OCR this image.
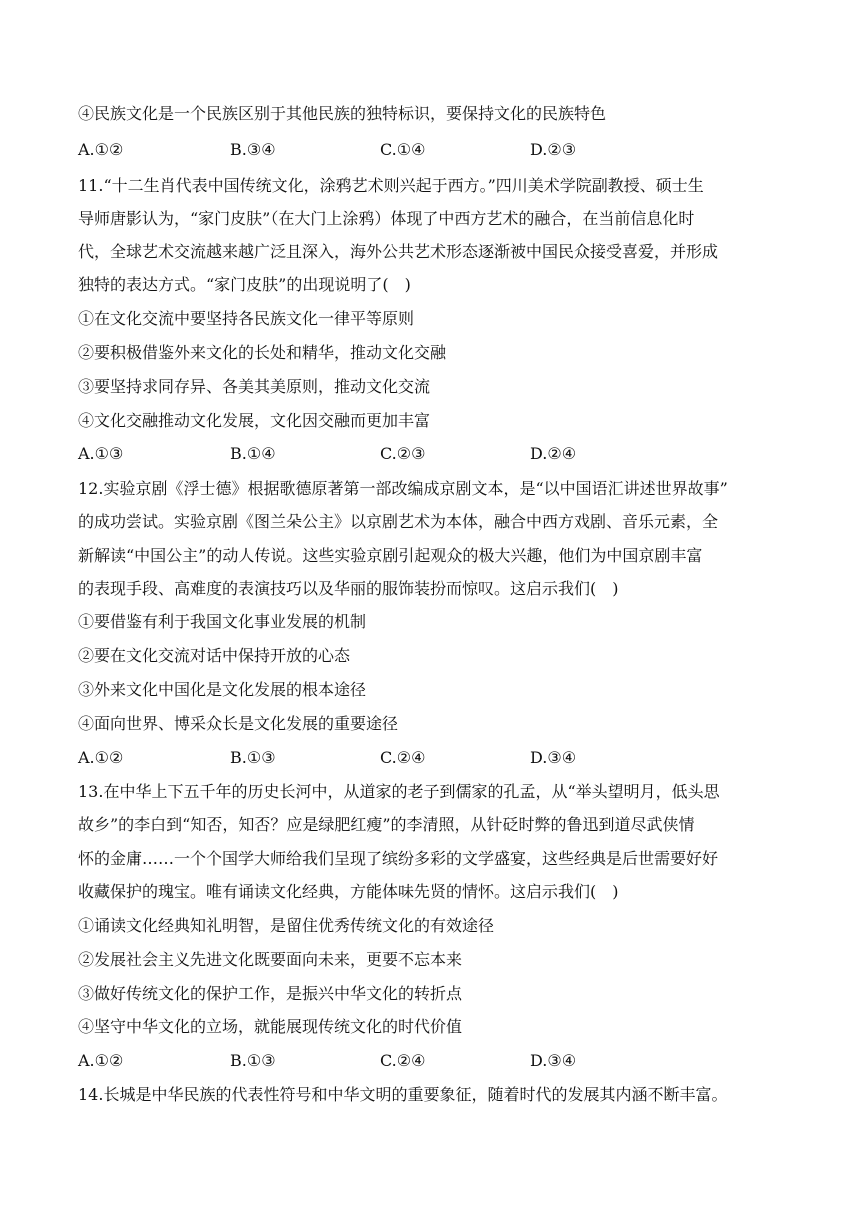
④民族文化是一个民族区别于其他民族的独特标识，要保持文化的民族特色
A.①②	B.③④	C.①④	D.②③
11.“十二生肖代表中国传统文化，涂鸦艺术则兴起于西方。”四川美术学院副教授、硕士生
导师唐影认为，“家门皮肤”（在大门上涂鸦）体现了中西方艺术的融合，在当前信息化时
代，全球艺术交流越来越广泛且深入，海外公共艺术形态逐渐被中国民众接受喜爱，并形成
独特的表达方式。“家门皮肤”的出现说明了(　)
①在文化交流中要坚持各民族文化一律平等原则
②要积极借鉴外来文化的长处和精华，推动文化交融
③要坚持求同存异、各美其美原则，推动文化交流
④文化交融推动文化发展，文化因交融而更加丰富
A.①③	B.①④	C.②③	D.②④
12.实验京剧《浮士德》根据歌德原著第一部改编成京剧文本，是“以中国语汇讲述世界故事”
的成功尝试。实验京剧《图兰朵公主》以京剧艺术为本体，融合中西方戏剧、音乐元素，全
新解读“中国公主”的动人传说。这些实验京剧引起观众的极大兴趣，他们为中国京剧丰富
的表现手段、高难度的表演技巧以及华丽的服饰装扮而惊叹。这启示我们(　)
①要借鉴有利于我国文化事业发展的机制
②要在文化交流对话中保持开放的心态
③外来文化中国化是文化发展的根本途径
④面向世界、博采众长是文化发展的重要途径
A.①②	B.①③	C.②④	D.③④
13.在中华上下五千年的历史长河中，从道家的老子到儒家的孔孟，从“举头望明月，低头思
故乡”的李白到“知否，知否？应是绿肥红瘦”的李清照，从针砭时弊的鲁迅到道尽武侠情
怀的金庸……一个个国学大师给我们呈现了缤纷多彩的文学盛宴，这些经典是后世需要好好
收藏保护的瑰宝。唯有诵读文化经典，方能体味先贤的情怀。这启示我们(　)
①诵读文化经典知礼明智，是留住优秀传统文化的有效途径
②发展社会主义先进文化既要面向未来，更要不忘本来
③做好传统文化的保护工作，是振兴中华文化的转折点
④坚守中华文化的立场，就能展现传统文化的时代价值
A.①②	B.①③	C.②④	D.③④
14.长城是中华民族的代表性符号和中华文明的重要象征，随着时代的发展其内涵不断丰富。
